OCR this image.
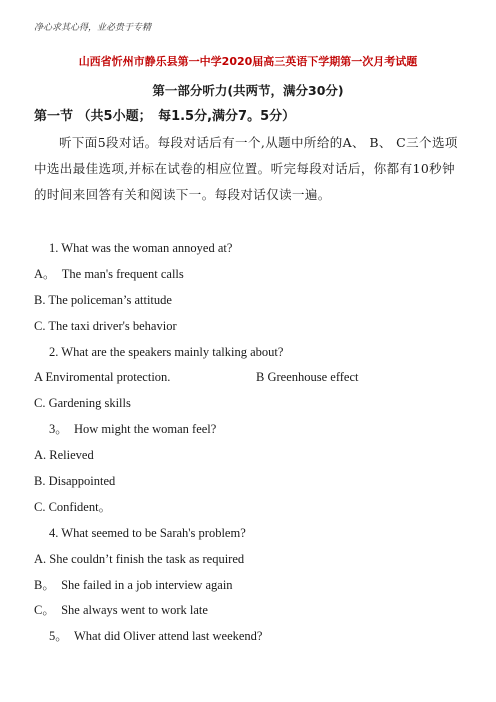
净心求其心得，业必贵于专精
山西省忻州市静乐县第一中学2020届高三英语下学期第一次月考试题
第一部分听力(共两节，满分30分)
第一节 （共5小题；　每1.5分,满分7。5分）
听下面5段对话。每段对话后有一个,从题中所给的A、 B、 C三个选项中选出最佳选项,并标在试卷的相应位置。听完每段对话后，你都有10秒钟的时间来回答有关和阅读下一。每段对话仅读一遍。
1. What was the woman annoyed at?
A。　The man's frequent calls
B. The policeman’s attitude
C. The taxi driver's behavior
2. What are the speakers mainly talking about?
A Enviromental protection.	B Greenhouse effect
C. Gardening skills
3。　How might the woman feel?
A. Relieved
B. Disappointed
C. Confident。
4. What seemed to be Sarah's problem?
A. She couldn’t finish the task as required
B。　She failed in a job interview again
C。　She always went to work late
5。　What did Oliver attend last weekend?
